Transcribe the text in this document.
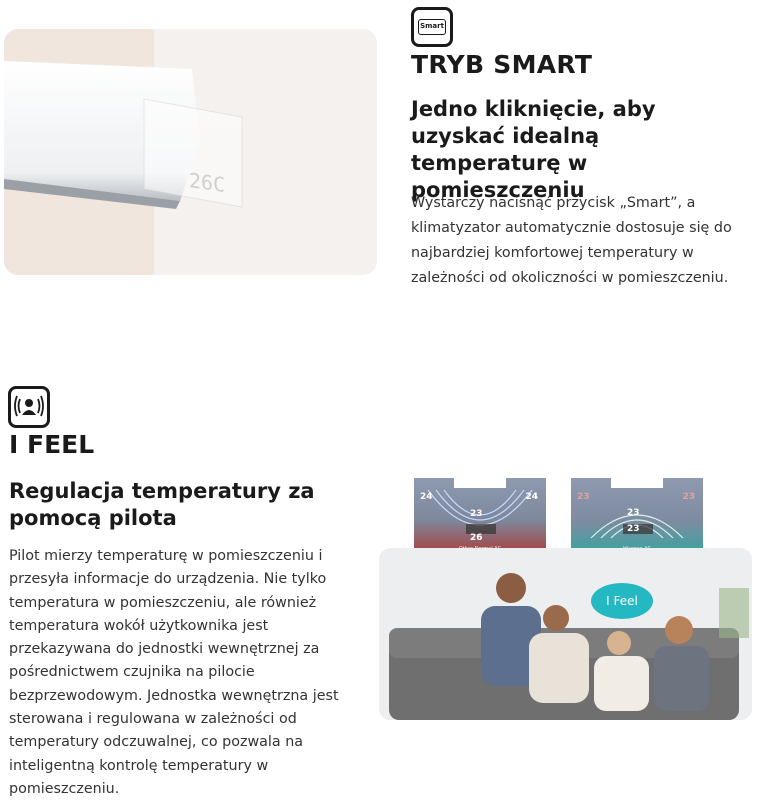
26C
Smart
TRYB SMART
Jedno kliknięcie, aby uzyskać idealną temperaturę w pomieszczeniu

Wystarczy nacisnąć przycisk „Smart”, a klimatyzator automatycznie dostosuje się do najbardziej komfortowej temperatury w zależności od okoliczności w pomieszczeniu.

I FEEL
Regulacja temperatury za pomocą pilota

Pilot mierzy temperaturę w pomieszczeniu i przesyła informacje do urządzenia. Nie tylko temperatura w pomieszczeniu, ale również temperatura wokół użytkownika jest przekazywana do jednostki wewnętrznej za pośrednictwem czujnika na pilocie bezprzewodowym. Jednostka wewnętrzna jest sterowana i regulowana w zależności od temperatury odczuwalnej, co pozwala na inteligentną kontrolę temperatury w pomieszczeniu.

24	24
23
26
23	23
23
23
I Feel
